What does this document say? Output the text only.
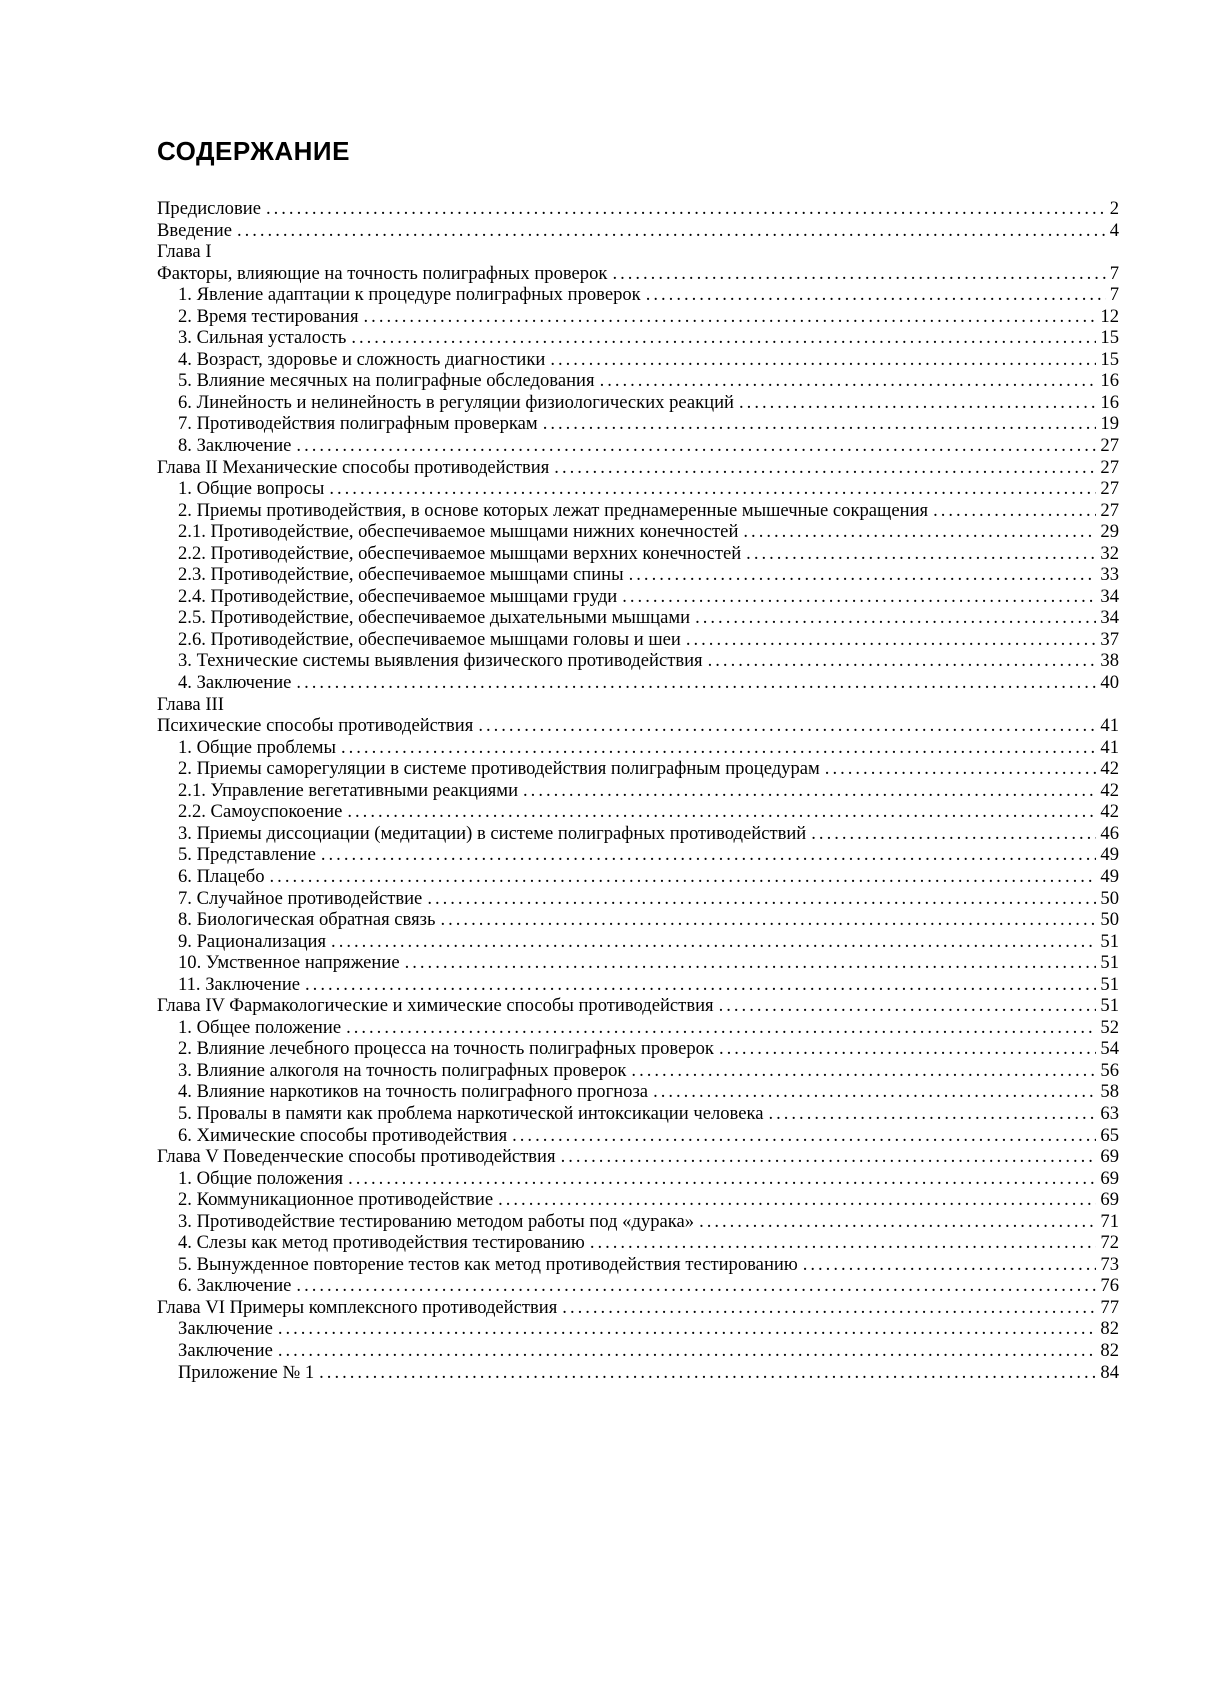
СОДЕРЖАНИЕ
Предисловие .....	2
Введение .....	4
Глава I
Факторы, влияющие на точность полиграфных проверок .....	7
1. Явление адаптации к процедуре полиграфных проверок .....	7
2. Время тестирования .....	12
3. Сильная усталость .....	15
4. Возраст, здоровье и сложность диагностики .....	15
5. Влияние месячных на полиграфные обследования .....	16
6. Линейность и нелинейность в регуляции физиологических реакций .....	16
7. Противодействия полиграфным проверкам .....	19
8. Заключение .....	27
Глава II Механические способы противодействия .....	27
1. Общие вопросы .....	27
2. Приемы противодействия, в основе которых лежат преднамеренные мышечные сокращения .....	27
2.1. Противодействие, обеспечиваемое мышцами нижних конечностей .....	29
2.2. Противодействие, обеспечиваемое мышцами верхних конечностей .....	32
2.3. Противодействие, обеспечиваемое мышцами спины .....	33
2.4. Противодействие, обеспечиваемое мышцами груди .....	34
2.5. Противодействие, обеспечиваемое дыхательными мышцами .....	34
2.6. Противодействие, обеспечиваемое мышцами головы и шеи .....	37
3. Технические системы выявления физического противодействия .....	38
4. Заключение .....	40
Глава III
Психические способы противодействия .....	41
1. Общие проблемы .....	41
2. Приемы саморегуляции в системе противодействия полиграфным процедурам .....	42
2.1. Управление вегетативными реакциями .....	42
2.2. Самоуспокоение .....	42
3. Приемы диссоциации (медитации) в системе полиграфных противодействий .....	46
5. Представление .....	49
6. Плацебо .....	49
7. Случайное противодействие .....	50
8. Биологическая обратная связь .....	50
9. Рационализация .....	51
10. Умственное напряжение .....	51
11. Заключение .....	51
Глава IV Фармакологические и химические способы противодействия .....	51
1. Общее положение .....	52
2. Влияние лечебного процесса на точность полиграфных проверок .....	54
3. Влияние алкоголя на точность полиграфных проверок .....	56
4. Влияние наркотиков на точность полиграфного прогноза .....	58
5. Провалы в памяти как проблема наркотической интоксикации человека .....	63
6. Химические способы противодействия .....	65
Глава V Поведенческие способы противодействия .....	69
1. Общие положения .....	69
2. Коммуникационное противодействие .....	69
3. Противодействие тестированию методом работы под «дурака» .....	71
4. Слезы как метод противодействия тестированию .....	72
5. Вынужденное повторение тестов как метод противодействия тестированию .....	73
6. Заключение .....	76
Глава VI Примеры комплексного противодействия .....	77
Заключение .....	82
Заключение .....	82
Приложение № 1 .....	84
